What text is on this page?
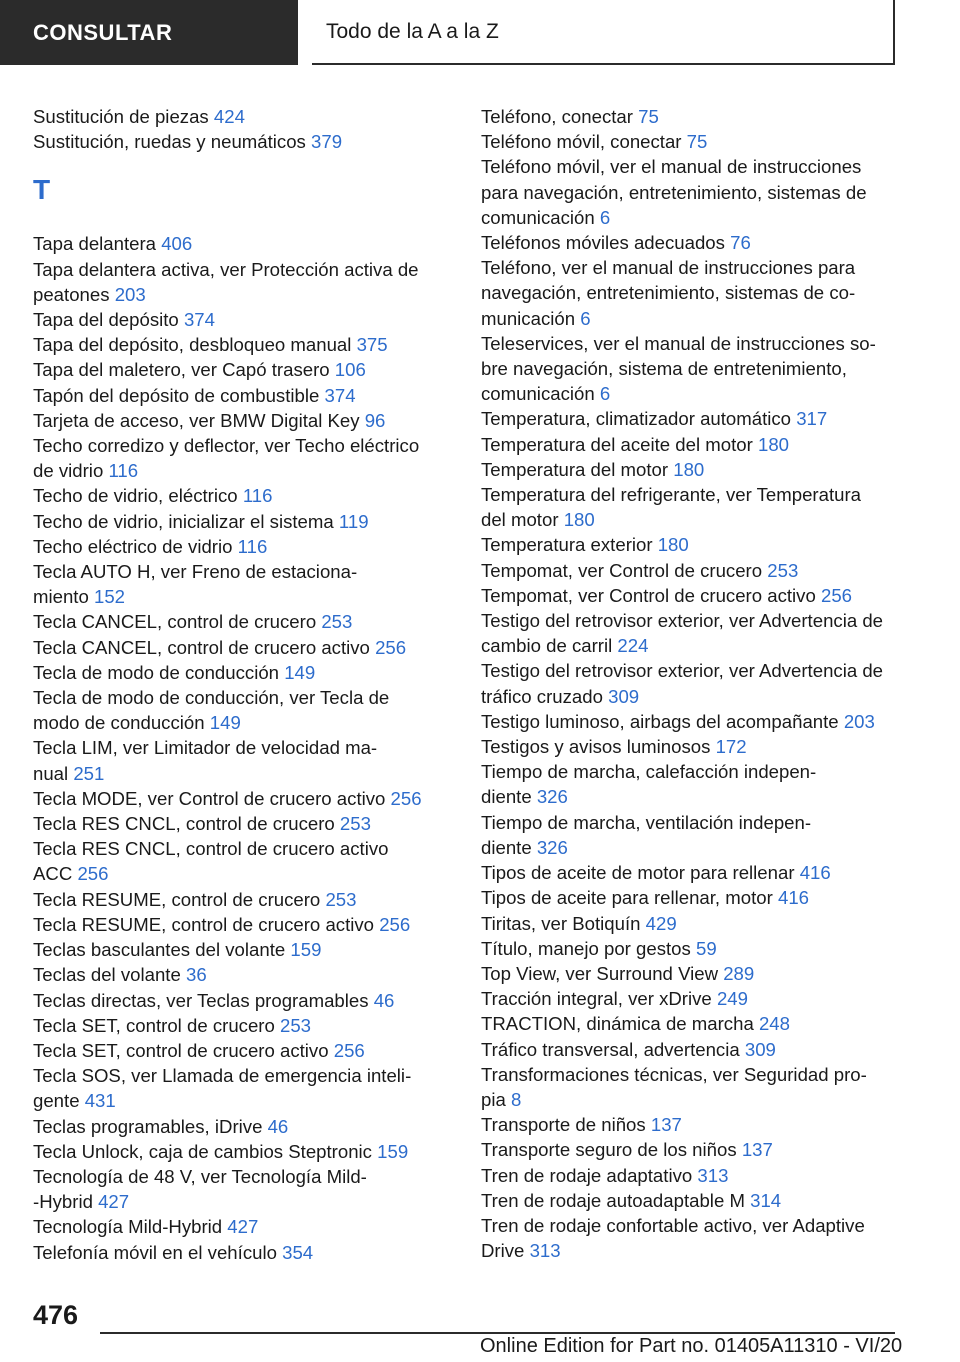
CONSULTAR	Todo de la A a la Z
Sustitución de piezas 424
Sustitución, ruedas y neumáticos 379
T
Tapa delantera 406
Tapa delantera activa, ver Protección activa de
peatones 203
Tapa del depósito 374
Tapa del depósito, desbloqueo manual 375
Tapa del maletero, ver Capó trasero 106
Tapón del depósito de combustible 374
Tarjeta de acceso, ver BMW Digital Key 96
Techo corredizo y deflector, ver Techo eléctrico
de vidrio 116
Techo de vidrio, eléctrico 116
Techo de vidrio, inicializar el sistema 119
Techo eléctrico de vidrio 116
Tecla AUTO H, ver Freno de estaciona-
miento 152
Tecla CANCEL, control de crucero 253
Tecla CANCEL, control de crucero activo 256
Tecla de modo de conducción 149
Tecla de modo de conducción, ver Tecla de
modo de conducción 149
Tecla LIM, ver Limitador de velocidad ma-
nual 251
Tecla MODE, ver Control de crucero activo 256
Tecla RES CNCL, control de crucero 253
Tecla RES CNCL, control de crucero activo
ACC 256
Tecla RESUME, control de crucero 253
Tecla RESUME, control de crucero activo 256
Teclas basculantes del volante 159
Teclas del volante 36
Teclas directas, ver Teclas programables 46
Tecla SET, control de crucero 253
Tecla SET, control de crucero activo 256
Tecla SOS, ver Llamada de emergencia inteli-
gente 431
Teclas programables, iDrive 46
Tecla Unlock, caja de cambios Steptronic 159
Tecnología de 48 V, ver Tecnología Mild-
-Hybrid 427
Tecnología Mild-Hybrid 427
Telefonía móvil en el vehículo 354
Teléfono, conectar 75
Teléfono móvil, conectar 75
Teléfono móvil, ver el manual de instrucciones
para navegación, entretenimiento, sistemas de
comunicación 6
Teléfonos móviles adecuados 76
Teléfono, ver el manual de instrucciones para
navegación, entretenimiento, sistemas de co-
municación 6
Teleservices, ver el manual de instrucciones so-
bre navegación, sistema de entretenimiento,
comunicación 6
Temperatura, climatizador automático 317
Temperatura del aceite del motor 180
Temperatura del motor 180
Temperatura del refrigerante, ver Temperatura
del motor 180
Temperatura exterior 180
Tempomat, ver Control de crucero 253
Tempomat, ver Control de crucero activo 256
Testigo del retrovisor exterior, ver Advertencia de
cambio de carril 224
Testigo del retrovisor exterior, ver Advertencia de
tráfico cruzado 309
Testigo luminoso, airbags del acompañante 203
Testigos y avisos luminosos 172
Tiempo de marcha, calefacción indepen-
diente 326
Tiempo de marcha, ventilación indepen-
diente 326
Tipos de aceite de motor para rellenar 416
Tipos de aceite para rellenar, motor 416
Tiritas, ver Botiquín 429
Título, manejo por gestos 59
Top View, ver Surround View 289
Tracción integral, ver xDrive 249
TRACTION, dinámica de marcha 248
Tráfico transversal, advertencia 309
Transformaciones técnicas, ver Seguridad pro-
pia 8
Transporte de niños 137
Transporte seguro de los niños 137
Tren de rodaje adaptativo 313
Tren de rodaje autoadaptable M 314
Tren de rodaje confortable activo, ver Adaptive
Drive 313
476
Online Edition for Part no. 01405A11310 - VI/20
